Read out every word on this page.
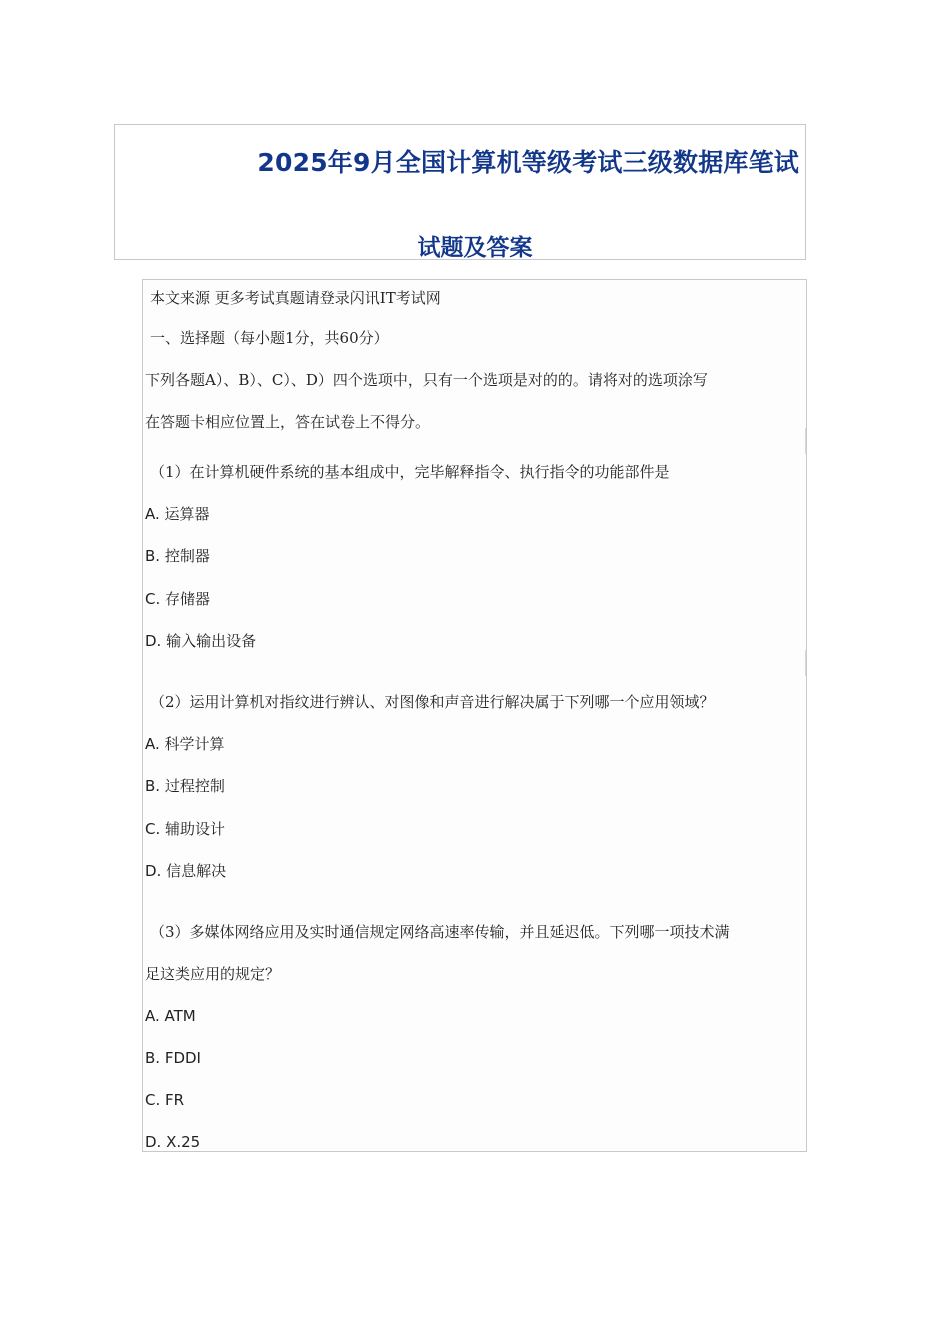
2025年9月全国计算机等级考试三级数据库笔试
试题及答案
本文来源 更多考试真题请登录闪讯IT考试网
一、选择题（每小题1分，共60分）
下列各题A）、B）、C）、D）四个选项中，只有一个选项是对的的。请将对的选项涂写
在答题卡相应位置上，答在试卷上不得分。
（1）在计算机硬件系统的基本组成中，完毕解释指令、执行指令的功能部件是
A. 运算器
B. 控制器
C. 存储器
D. 输入输出设备
（2）运用计算机对指纹进行辨认、对图像和声音进行解决属于下列哪一个应用领域？
A. 科学计算
B. 过程控制
C. 辅助设计
D. 信息解决
（3）多媒体网络应用及实时通信规定网络高速率传输，并且延迟低。下列哪一项技术满
足这类应用的规定？
A. ATM
B. FDDI
C. FR
D. X.25
